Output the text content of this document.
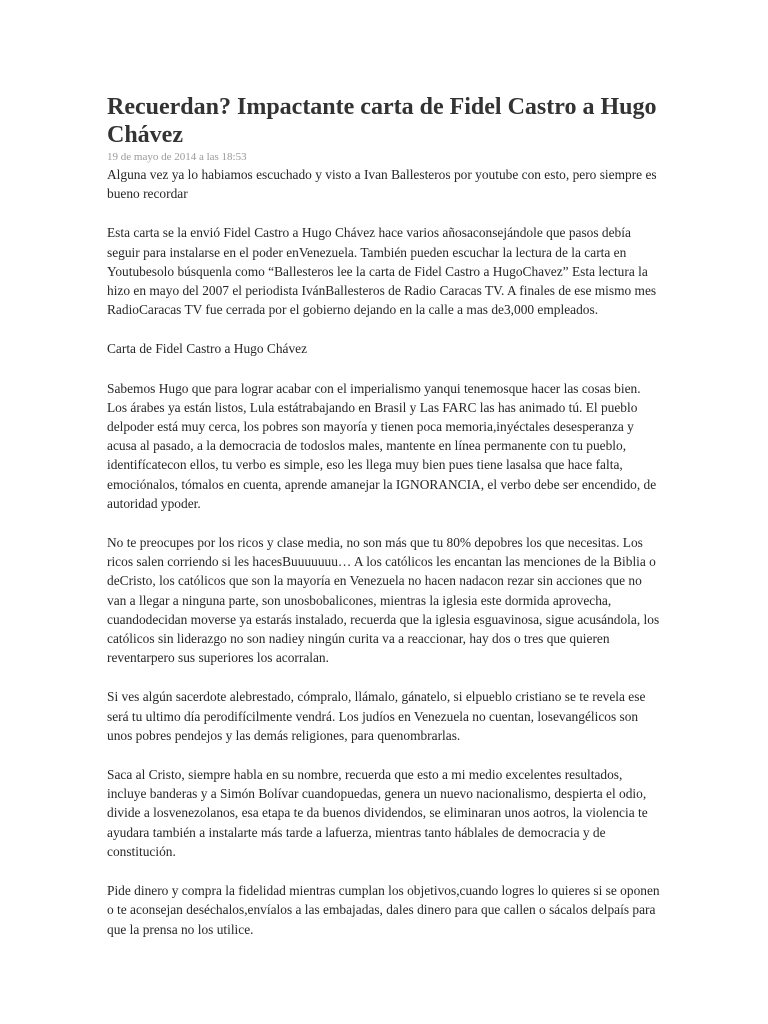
Recuerdan? Impactante carta de Fidel Castro a Hugo Chávez
19 de mayo de 2014 a las 18:53

Alguna vez ya lo habiamos escuchado y visto a Ivan Ballesteros por youtube con esto, pero siempre es bueno recordar

Esta carta se la envió Fidel Castro a Hugo Chávez hace varios añosaconsejándole que pasos debía seguir para instalarse en el poder enVenezuela. También pueden escuchar la lectura de la carta en Youtubesolo búsquenla como “Ballesteros lee la carta de Fidel Castro a HugoChavez” Esta lectura la hizo en mayo del 2007 el periodista IvánBallesteros de Radio Caracas TV. A finales de ese mismo mes RadioCaracas TV fue cerrada por el gobierno dejando en la calle a mas de3,000 empleados.

Carta de Fidel Castro a Hugo Chávez

Sabemos Hugo que para lograr acabar con el imperialismo yanqui tenemosque hacer las cosas bien. Los árabes ya están listos, Lula estátrabajando en Brasil y Las FARC las has animado tú. El pueblo delpoder está muy cerca, los pobres son mayoría y tienen poca memoria,inyéctales desesperanza y acusa al pasado, a la democracia de todoslos males, mantente en línea permanente con tu pueblo, identifícatecon ellos, tu verbo es simple, eso les llega muy bien pues tiene lasalsa que hace falta, emociónalos, tómalos en cuenta, aprende amanejar la IGNORANCIA, el verbo debe ser encendido, de autoridad ypoder.

No te preocupes por los ricos y clase media, no son más que tu 80% depobres los que necesitas. Los ricos salen corriendo si les hacesBuuuuuuu… A los católicos les encantan las menciones de la Biblia o deCristo, los católicos que son la mayoría en Venezuela no hacen nadacon rezar sin acciones que no van a llegar a ninguna parte, son unosbobalicones, mientras la iglesia este dormida aprovecha, cuandodecidan moverse ya estarás instalado, recuerda que la iglesia esguavinosa, sigue acusándola, los católicos sin liderazgo no son nadiey ningún curita va a reaccionar, hay dos o tres que quieren reventarpero sus superiores los acorralan.

Si ves algún sacerdote alebrestado, cómpralo, llámalo, gánatelo, si elpueblo cristiano se te revela ese será tu ultimo día perodifícilmente vendrá. Los judíos en Venezuela no cuentan, losevangélicos son unos pobres pendejos y las demás religiones, para quenombrarlas.

Saca al Cristo, siempre habla en su nombre, recuerda que esto a mi medio excelentes resultados, incluye banderas y a Simón Bolívar cuandopuedas, genera un nuevo nacionalismo, despierta el odio, divide a losvenezolanos, esa etapa te da buenos dividendos, se eliminaran unos aotros, la violencia te ayudara también a instalarte más tarde a lafuerza, mientras tanto háblales de democracia y de constitución.

Pide dinero y compra la fidelidad mientras cumplan los objetivos,cuando logres lo quieres si se oponen o te aconsejan deséchalos,envíalos a las embajadas, dales dinero para que callen o sácalos delpaís para que la prensa no los utilice.
